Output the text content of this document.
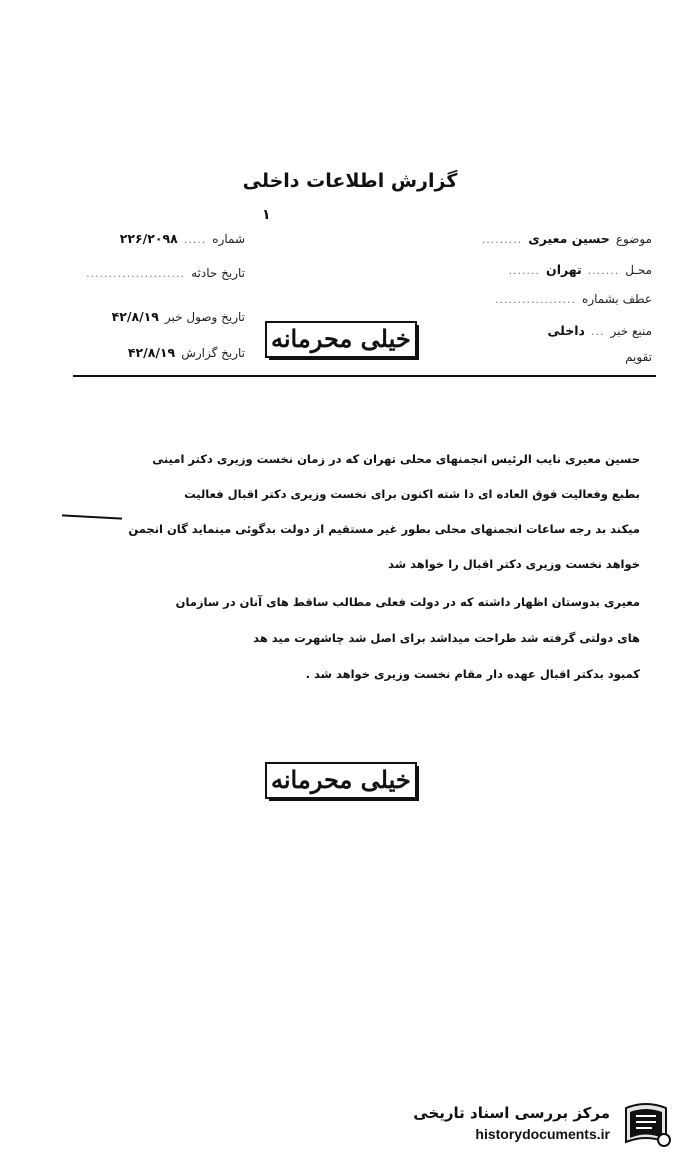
گزارش اطلاعات داخلی
۱
موضوع
حسین معیری
.........
محـل
.......
تهران
.......
عطف بشماره
..................
منبع خبر
...
داخلی
تقویم
شماره
.....
۲۲۶/۲۰۹۸
تاریخ حادثه
......................
تاریخ وصول خبر
۴۲/۸/۱۹
تاریخ گزارش
۴۲/۸/۱۹	خیلی محرمانه
حسین معیری نایب الرئیس انجمنهای محلی تهران که در زمان نخست وزیری دکتر امینی
بطبع وفعالیت فوق العاده ای دا شته اکنون برای نخست وزیری دکتر اقبال فعالیت
میکند بد رجه ساعات انجمنهای محلی بطور غیر مستقیم از دولت بدگوئی مینماید گان انجمن
خواهد نخست وزیری دکتر اقبال را خواهد شد
معیری بدوستان اظهار داشته که در دولت فعلی مطالب ساقط های آنان در سازمان
های دولتی گرفته شد طراحت میداشد برای اصل شد چاشهرت مید هد
کمبود بدکتر اقبال عهده دار مقام نخست وزیری خواهد شد .
خیلی محرمانه
مرکز بررسی اسناد تاریخی
historydocuments.ir
